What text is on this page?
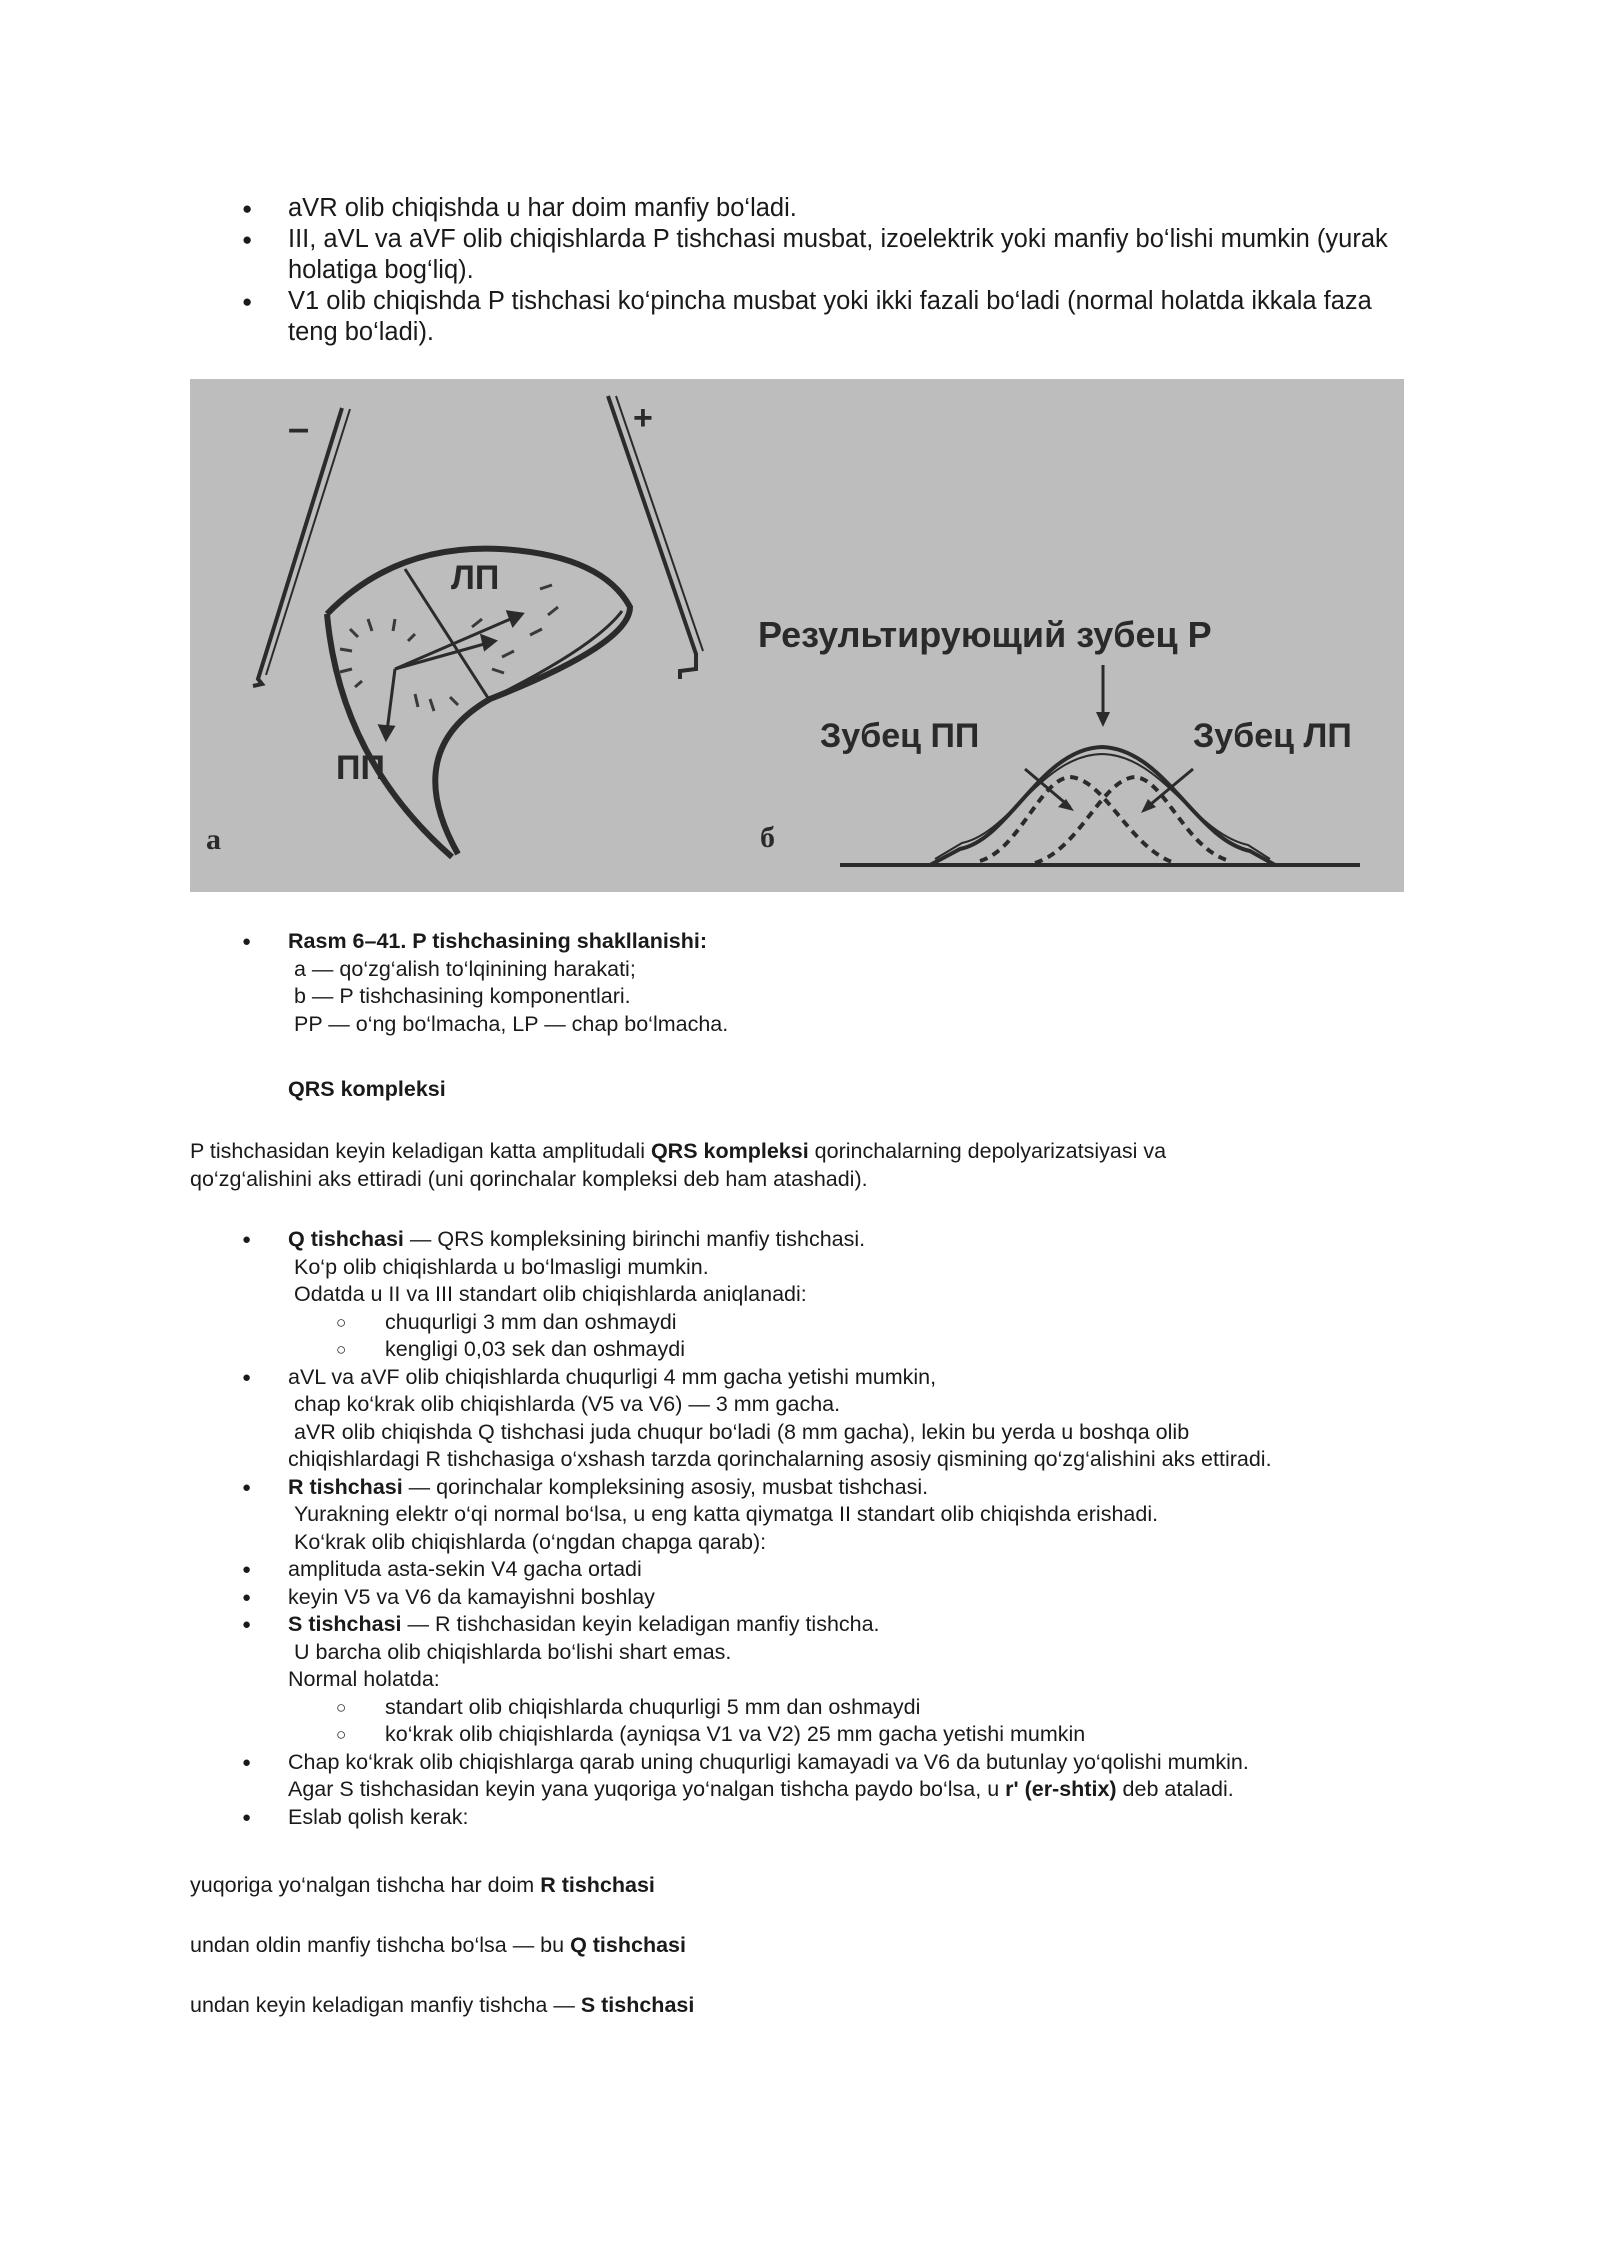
● aVR olib chiqishda u har doim manfiy bo‘ladi.
● III, aVL va aVF olib chiqishlarda P tishchasi musbat, izoelektrik yoki manfiy bo‘lishi mumkin (yurak holatiga bog‘liq).
● V1 olib chiqishda P tishchasi ko‘pincha musbat yoki ikki fazali bo‘ladi (normal holatda ikkala faza teng bo‘ladi).
–	+
ЛП
ПП
а
Результирующий зубец P
Зубец ПП	Зубец ЛП
б

● Rasm 6–41. P tishchasining shakllanishi:

a — qo‘zg‘alish to‘lqinining harakati;

b — P tishchasining komponentlari.

PP — o‘ng bo‘lmacha, LP — chap bo‘lmacha.

QRS kompleksi

P tishchasidan keyin keladigan katta amplitudali QRS kompleksi qorinchalarning depolyarizatsiyasi va

qo‘zg‘alishini aks ettiradi (uni qorinchalar kompleksi deb ham atashadi).

● Q tishchasi — QRS kompleksining birinchi manfiy tishchasi.

Ko‘p olib chiqishlarda u bo‘lmasligi mumkin.

Odatda u II va III standart olib chiqishlarda aniqlanadi:

○ chuqurligi 3 mm dan oshmaydi

○ kengligi 0,03 sek dan oshmaydi

● aVL va aVF olib chiqishlarda chuqurligi 4 mm gacha yetishi mumkin,

chap ko‘krak olib chiqishlarda (V5 va V6) — 3 mm gacha.

aVR olib chiqishda Q tishchasi juda chuqur bo‘ladi (8 mm gacha), lekin bu yerda u boshqa olib

chiqishlardagi R tishchasiga o‘xshash tarzda qorinchalarning asosiy qismining qo‘zg‘alishini aks ettiradi.

● R tishchasi — qorinchalar kompleksining asosiy, musbat tishchasi.

Yurakning elektr o‘qi normal bo‘lsa, u eng katta qiymatga II standart olib chiqishda erishadi.

Ko‘krak olib chiqishlarda (o‘ngdan chapga qarab):

● amplituda asta-sekin V4 gacha ortadi

● keyin V5 va V6 da kamayishni boshlay

● S tishchasi — R tishchasidan keyin keladigan manfiy tishcha.

U barcha olib chiqishlarda bo‘lishi shart emas.

Normal holatda:

○ standart olib chiqishlarda chuqurligi 5 mm dan oshmaydi

○ ko‘krak olib chiqishlarda (ayniqsa V1 va V2) 25 mm gacha yetishi mumkin

● Chap ko‘krak olib chiqishlarga qarab uning chuqurligi kamayadi va V6 da butunlay yo‘qolishi mumkin.

Agar S tishchasidan keyin yana yuqoriga yo‘nalgan tishcha paydo bo‘lsa, u r' (er-shtix) deb ataladi.

● Eslab qolish kerak:

yuqoriga yo‘nalgan tishcha har doim R tishchasi

undan oldin manfiy tishcha bo‘lsa — bu Q tishchasi

undan keyin keladigan manfiy tishcha — S tishchasi
